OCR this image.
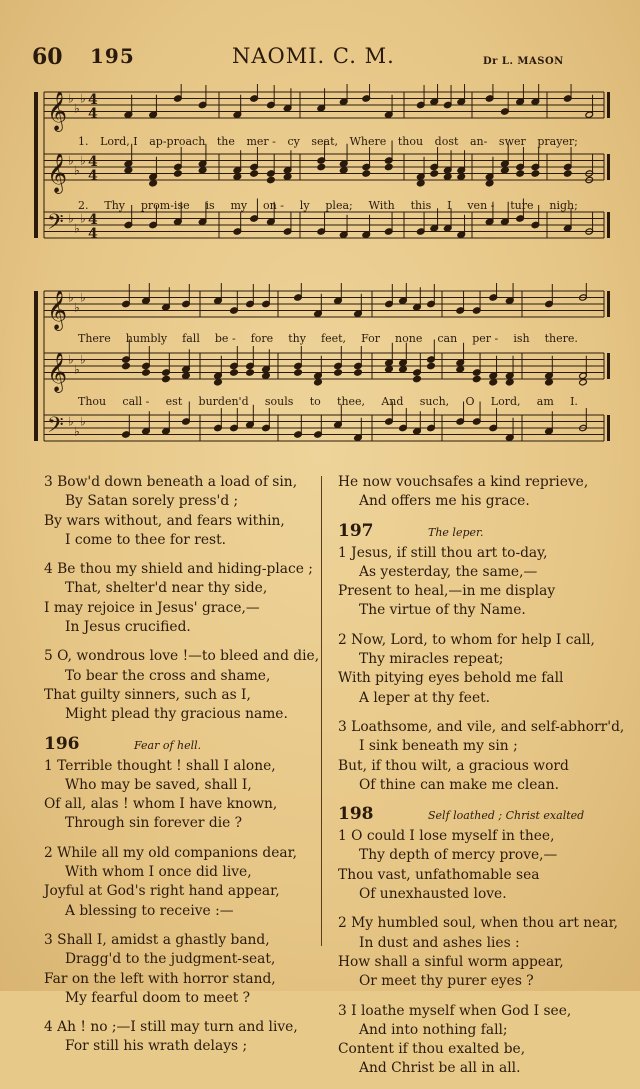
60 195	NAOMI. C. M.	Dr L. MASON
𝄞 ♭
♭
♭ 4
4
𝄞 ♭
♭
♭ 4
4
𝄢 ♭
♭
♭ 4
4
𝄞 ♭
♭
♭
𝄞 ♭
♭
♭
𝄢 ♭
♭
♭
1. Lord, I ap-proach the mer - cy seat, Where thou dost an- swer prayer;
2. Thy prom-ise is my on - ly plea; With this I ven - ture nigh;
There humbly fall be - fore thy feet, For none can per - ish there.
Thou call - est burden'd souls to thee, And such, O Lord, am I.
3 Bow'd down beneath a load of sin,
By Satan sorely press'd ;
By wars without, and fears within,
I come to thee for rest.
4 Be thou my shield and hiding-place ;
That, shelter'd near thy side,
I may rejoice in Jesus' grace,—
In Jesus crucified.
5 O, wondrous love !—to bleed and die,
To bear the cross and shame,
That guilty sinners, such as I,
Might plead thy gracious name.
196	Fear of hell.
1 Terrible thought ! shall I alone,
Who may be saved, shall I,
Of all, alas ! whom I have known,
Through sin forever die ?
2 While all my old companions dear,
With whom I once did live,
Joyful at God's right hand appear,
A blessing to receive :—
3 Shall I, amidst a ghastly band,
Dragg'd to the judgment-seat,
Far on the left with horror stand,
My fearful doom to meet ?
4 Ah ! no ;—I still may turn and live,
For still his wrath delays ;
He now vouchsafes a kind reprieve,
And offers me his grace.
197	The leper.
1 Jesus, if still thou art to-day,
As yesterday, the same,—
Present to heal,—in me display
The virtue of thy Name.
2 Now, Lord, to whom for help I call,
Thy miracles repeat;
With pitying eyes behold me fall
A leper at thy feet.
3 Loathsome, and vile, and self-abhorr'd,
I sink beneath my sin ;
But, if thou wilt, a gracious word
Of thine can make me clean.
198	Self loathed ; Christ exalted
1 O could I lose myself in thee,
Thy depth of mercy prove,—
Thou vast, unfathomable sea
Of unexhausted love.
2 My humbled soul, when thou art near,
In dust and ashes lies :
How shall a sinful worm appear,
Or meet thy purer eyes ?
3 I loathe myself when God I see,
And into nothing fall;
Content if thou exalted be,
And Christ be all in all.
